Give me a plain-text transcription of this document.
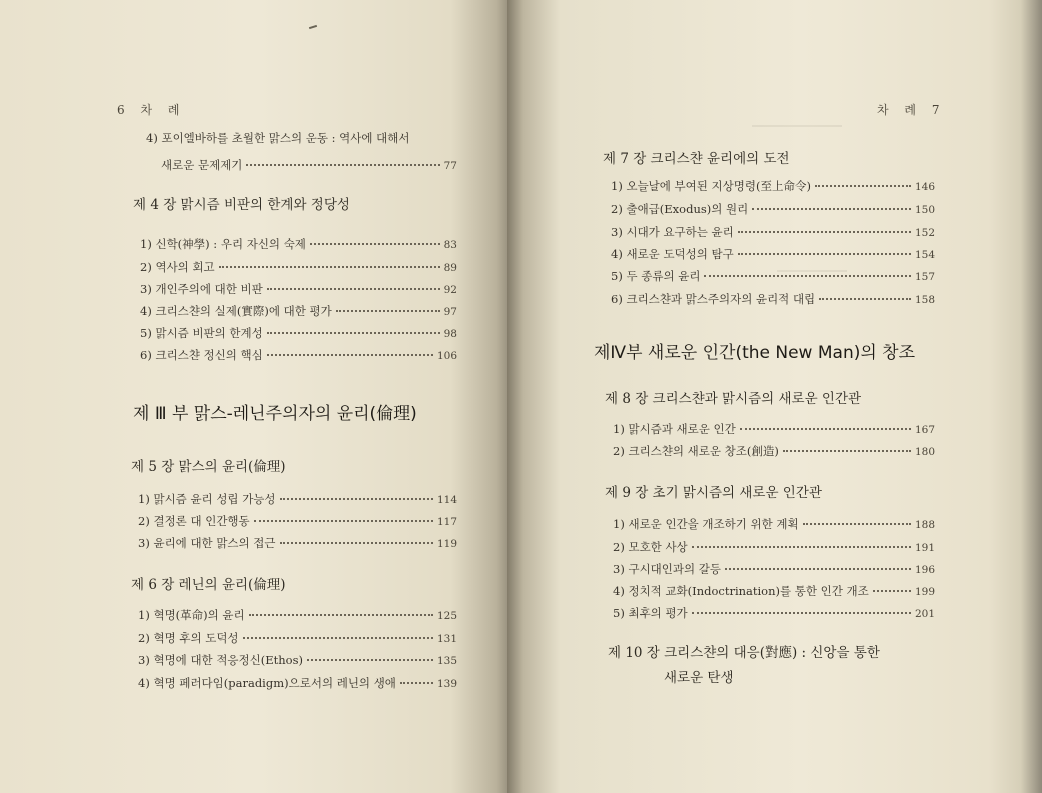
6 차 례
4) 포이엘바하를 초월한 맑스의 운동 : 역사에 대해서
새로운 문제제기	77
제 4 장 맑시즘 비판의 한계와 정당성
1) 신학(神學) : 우리 자신의 숙제	83
2) 역사의 회고	89
3) 개인주의에 대한 비판	92
4) 크리스챤의 실제(實際)에 대한 평가	97
5) 맑시즘 비판의 한계성	98
6) 크리스챤 정신의 핵심	106
제 Ⅲ 부 맑스-레닌주의자의 윤리(倫理)
제 5 장 맑스의 윤리(倫理)
1) 맑시즘 윤리 성립 가능성	114
2) 결정론 대 인간행동	117
3) 윤리에 대한 맑스의 접근	119
제 6 장 레닌의 윤리(倫理)
1) 혁명(革命)의 윤리	125
2) 혁명 후의 도덕성	131
3) 혁명에 대한 적응정신(Ethos)	135
4) 혁명 페러다임(paradigm)으로서의 레닌의 생애	139
차 례 7
제 7 장 크리스챤 윤리에의 도전
1) 오늘날에 부여된 지상명령(至上命令)	146
2) 출애급(Exodus)의 원리	150
3) 시대가 요구하는 윤리	152
4) 새로운 도덕성의 탐구	154
5) 두 종류의 윤리	157
6) 크리스챤과 맑스주의자의 윤리적 대립	158
제Ⅳ부 새로운 인간(the New Man)의 창조
제 8 장 크리스챤과 맑시즘의 새로운 인간관
1) 맑시즘과 새로운 인간	167
2) 크리스챤의 새로운 창조(創造)	180
제 9 장 초기 맑시즘의 새로운 인간관
1) 새로운 인간을 개조하기 위한 계획	188
2) 모호한 사상	191
3) 구시대인과의 갈등	196
4) 정치적 교화(Indoctrination)를 통한 인간 개조	199
5) 최후의 평가	201
제 10 장 크리스챤의 대응(對應) : 신앙을 통한
새로운 탄생
